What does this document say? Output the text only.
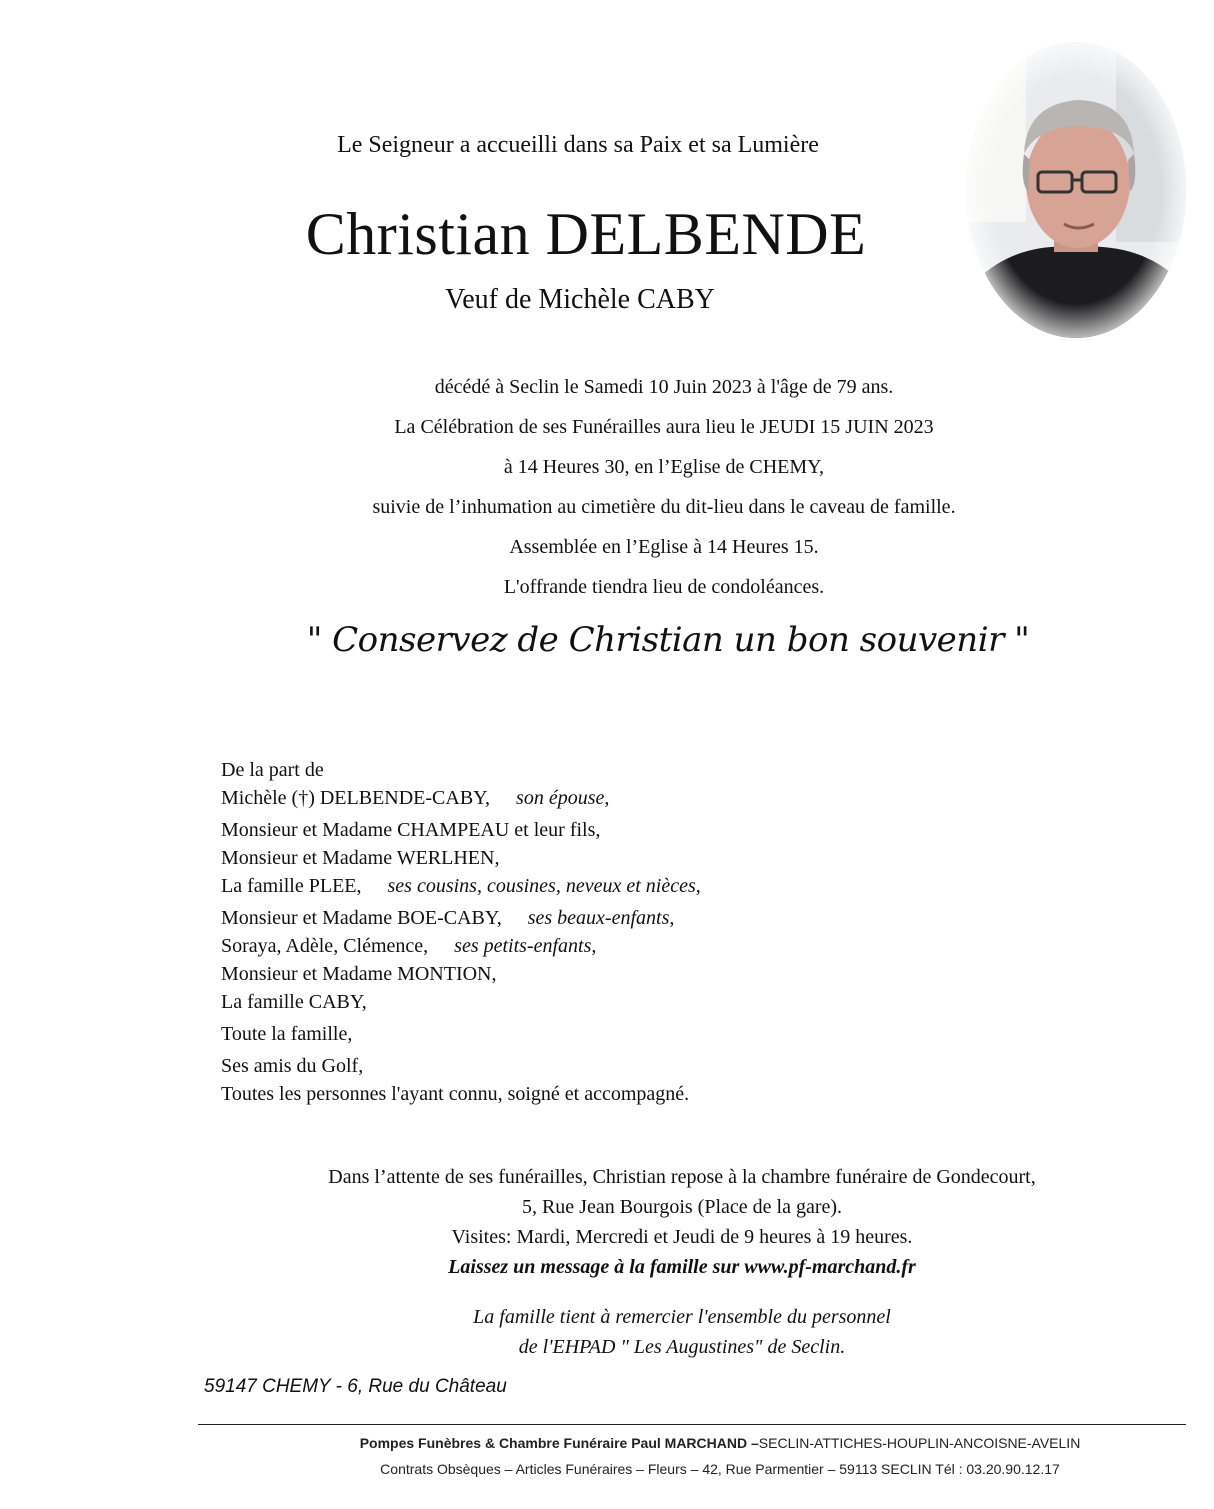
Le Seigneur a accueilli dans sa Paix et sa Lumière
Christian DELBENDE
Veuf de Michèle CABY
décédé à Seclin le Samedi 10 Juin 2023 à l'âge de 79 ans.
La Célébration de ses Funérailles aura lieu le JEUDI 15 JUIN 2023
à 14 Heures 30, en l’Eglise de CHEMY,
suivie de l’inhumation au cimetière du dit-lieu dans le caveau de famille.
Assemblée en l’Eglise à 14 Heures 15.
L'offrande tiendra lieu de condoléances.
" Conservez de Christian un bon souvenir "
De la part de
Michèle (†) DELBENDE-CABY, son épouse,
Monsieur et Madame CHAMPEAU et leur fils,
Monsieur et Madame WERLHEN,
La famille PLEE, ses cousins, cousines, neveux et nièces,
Monsieur et Madame BOE-CABY, ses beaux-enfants,
Soraya, Adèle, Clémence, ses petits-enfants,
Monsieur et Madame MONTION,
La famille CABY,
Toute la famille,
Ses amis du Golf,
Toutes les personnes l'ayant connu, soigné et accompagné.
Dans l’attente de ses funérailles, Christian repose à la chambre funéraire de Gondecourt,
5, Rue Jean Bourgois (Place de la gare).
Visites: Mardi, Mercredi et Jeudi de 9 heures à 19 heures.
Laissez un message à la famille sur www.pf-marchand.fr
La famille tient à remercier l'ensemble du personnel
de l'EHPAD " Les Augustines" de Seclin.
59147 CHEMY - 6, Rue du Château
Pompes Funèbres & Chambre Funéraire Paul MARCHAND –SECLIN-ATTICHES-HOUPLIN-ANCOISNE-AVELIN
Contrats Obsèques – Articles Funéraires – Fleurs – 42, Rue Parmentier – 59113 SECLIN Tél : 03.20.90.12.17
